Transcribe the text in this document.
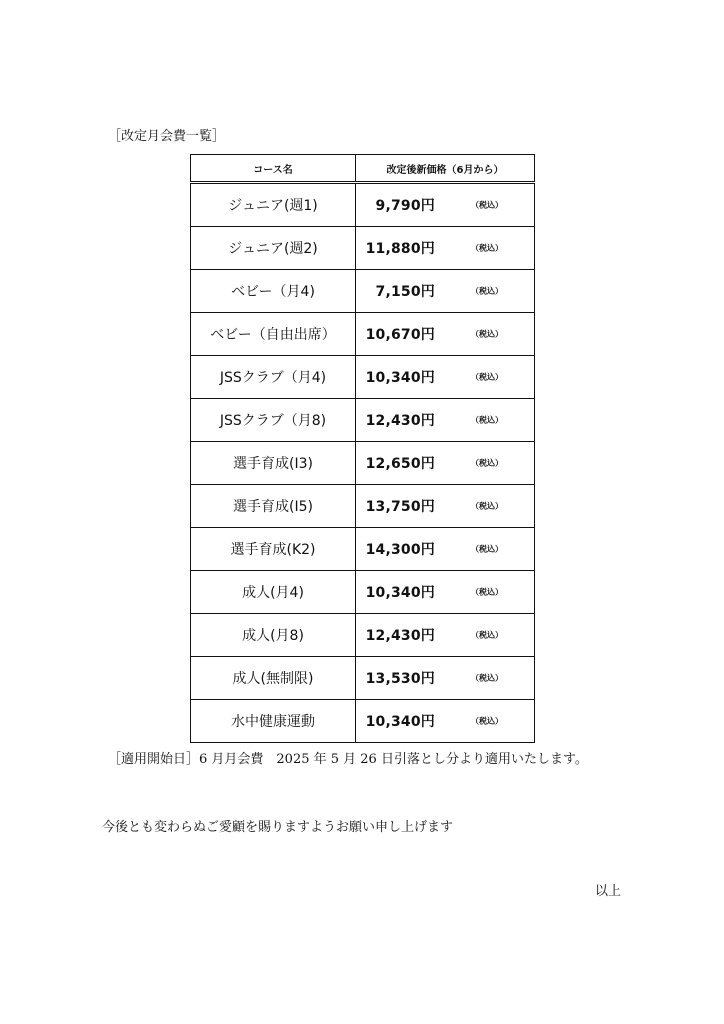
［改定月会費一覧］
コース名	改定後新価格（6月から）
ジュニア(週1)	9,790円 （税込）

ジュニア(週2)	11,880円 （税込）

ベビー（月4)	7,150円 （税込）

ベビー（自由出席）	10,670円 （税込）

JSSクラブ（月4)	10,340円 （税込）

JSSクラブ（月8)	12,430円 （税込）

選手育成(I3)	12,650円 （税込）

選手育成(I5)	13,750円 （税込）

選手育成(K2)	14,300円 （税込）

成人(月4)	10,340円 （税込）

成人(月8)	12,430円 （税込）

成人(無制限)	13,530円 （税込）

水中健康運動	10,340円 （税込）
［適用開始日］6 月月会費　2025 年 5 月 26 日引落とし分より適用いたします。
今後とも変わらぬご愛顧を賜りますようお願い申し上げます
以上
